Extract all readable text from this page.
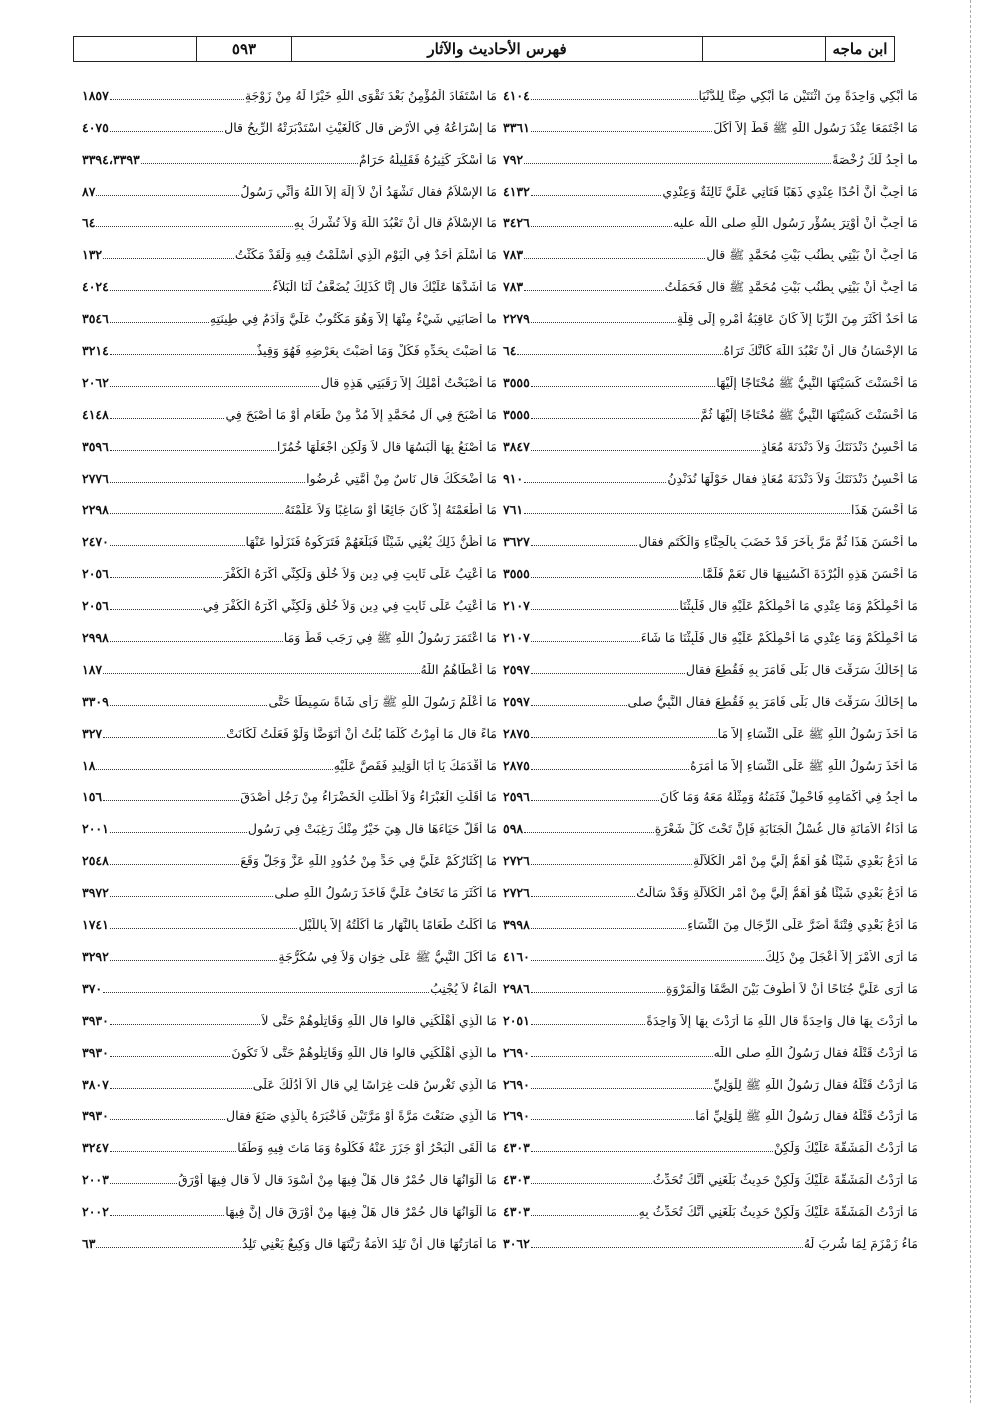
ابن ماجه
فهرس الأحاديث والآثار
٥٩٣
مَا أَبْكِي وَاحِدَةً مِنَ اثْنَتَيْنِ مَا أَبْكِي ضِنًّا لِلدُّنْيَا
٤١٠٤
مَا اجْتَمَعَا عِنْدَ رَسُولِ اللّٰهِ ﷺ قَطُّ إِلاَّ أَكَلَ
٣٣٦١
ما أَجِدُ لَكَ رُخْصَةً
٧٩٢
مَا أُحِبُّ أَنَّ أُحُدًا عِنْدِي ذَهَبًا فَتَأْتِي عَلَيَّ ثَالِثَةٌ وَعِنْدِي
٤١٣٢
مَا أُحِبُّ أَنْ أَوْتِرَ بِسُؤْرِ رَسُولِ اللّٰهِ صلى اللّٰه عليه
٣٤٢٦
مَا أُحِبُّ أَنْ بَيْتِي بِطُنُبٍ بَيْتِ مُحَمَّدٍ ﷺ قال
٧٨٣
مَا أُحِبُّ أَنْ بَيْتِي بِطُنُبٍ بَيْتِ مُحَمَّدٍ ﷺ قال فَحَمَلْتُ
٧٨٣
مَا أَحَدٌ أَكْثَرَ مِنَ الرِّبَا إِلاَّ كَانَ عَاقِبَةُ أَمْرِهِ إِلَى قِلَّةٍ
٢٢٧٩
مَا الإِحْسَانُ قال أَنْ تَعْبُدَ اللّٰهَ كَأَنَّكَ تَرَاهُ
٦٤
مَا أَحْسَنْتَ كَسَيْتَهَا النَّبِيُّ ﷺ مُحْتَاجًا إِلَيْهَا
٣٥٥٥
مَا أَحْسَنْتَ كَسَيْتَهَا النَّبِيُّ ﷺ مُحْتَاجًا إِلَيْهَا ثُمَّ
٣٥٥٥
مَا أُحْسِنُ دَنْدَنَتَكَ وَلاَ دَنْدَنَةَ مُعَاذٍ
٣٨٤٧
مَا أُحْسِنُ دَنْدَنَتَكَ وَلاَ دَنْدَنَةَ مُعَاذٍ فقال حَوْلَهَا نُدَنْدِنُ
٩١٠
مَا أَحْسَنَ هَذَا
٧٦١
ما أَحْسَنَ هَذَا ثُمَّ مَرَّ بِآخَرَ قَدْ خَضَبَ بِالْحِنَّاءِ وَالْكَتَمِ فقال
٣٦٢٧
مَا أَحْسَنَ هَذِهِ الْبُرْدَةَ اكْسُنِيهَا قال نَعَمْ فَلَمَّا
٣٥٥٥
مَا أَحْمِلُكُمْ وَمَا عِنْدِي مَا أَحْمِلُكُمْ عَلَيْهِ قال فَلَبِثْنَا
٢١٠٧
مَا أَحْمِلُكُمْ وَمَا عِنْدِي مَا أَحْمِلُكُمْ عَلَيْهِ قال فَلَبِثْنَا مَا شَاءَ
٢١٠٧
مَا إِخَالُكَ سَرَقْتَ قال بَلَى فَأَمَرَ بِهِ فَقُطِعَ فقال
٢٥٩٧
ما إِخَالُكَ سَرَقْتَ قال بَلَى فَأَمَرَ بِهِ فَقُطِعَ فقال النَّبِيُّ صلى
٢٥٩٧
مَا أَخَذَ رَسُولُ اللّٰهِ ﷺ عَلَى النِّسَاءِ إِلاَّ مَا
٢٨٧٥
مَا أَخَذَ رَسُولُ اللّٰهِ ﷺ عَلَى النِّسَاءِ إِلاَّ مَا أَمَرَهُ
٢٨٧٥
ما أَجِدُ فِي أَكْمَامِهِ فَاحْمِلْ فَثَمَنُهُ وَمِثْلُهُ مَعَهُ وَمَا كَانَ
٢٥٩٦
مَا أَدَاءُ الأَمَانَةِ قال غُسْلُ الْجَنَابَةِ فَإِنَّ تَحْتَ كُلِّ شَعْرَةٍ
٥٩٨
مَا أَدَعُ بَعْدِي شَيْئًا هُوَ أَهَمُّ إِلَيَّ مِنْ أَمْرِ الْكَلاَلَةِ
٢٧٢٦
مَا أَدَعُ بَعْدِي شَيْئًا هُوَ أَهَمُّ إِلَيَّ مِنْ أَمْرِ الْكَلاَلَةِ وَقَدْ سَأَلْتُ
٢٧٢٦
مَا أَدَعُ بَعْدِي فِتْنَةً أَضَرَّ عَلَى الرِّجَالِ مِنَ النِّسَاءِ
٣٩٩٨
مَا أَرَى الأَمْرَ إِلاَّ أَعْجَلَ مِنْ ذَلِكَ
٤١٦٠
مَا أَرَى عَلَيَّ جُنَاحًا أَنْ لاَ أَطُوفَ بَيْنَ الصَّفَا وَالْمَرْوَةِ
٢٩٨٦
ما أَرَدْتَ بِهَا قال وَاحِدَةً قال اللّٰهِ مَا أَرَدْتَ بِهَا إِلاَّ وَاحِدَةً
٢٠٥١
مَا أَرَدْتُ قَتْلَهُ فقال رَسُولُ اللّٰهِ صلى اللّٰه
٢٦٩٠
مَا أَرَدْتُ قَتْلَهُ فقال رَسُولُ اللّٰهِ ﷺ لِلْوَلِيِّ
٢٦٩٠
مَا أَرَدْتُ قَتْلَهُ فقال رَسُولُ اللّٰهِ ﷺ لِلْوَلِيِّ أَمَا
٢٦٩٠
مَا أَرَدْتُ الْمَشَقَّةَ عَلَيْكَ وَلَكِنْ
٤٣٠٣
مَا أَرَدْتُ الْمَشَقَّةَ عَلَيْكَ وَلَكِنْ حَدِيثٌ بَلَغَنِي أَنَّكَ تُحَدِّثُ
٤٣٠٣
مَا أَرَدْتُ الْمَشَقَّةَ عَلَيْكَ وَلَكِنْ حَدِيثٌ بَلَغَنِي أَنَّكَ تُحَدِّثُ بِهِ
٤٣٠٣
مَاءُ زَمْزَمَ لِمَا شُرِبَ لَهُ
٣٠٦٢
مَا اسْتَفَادَ الْمُؤْمِنُ بَعْدَ تَقْوَى اللّٰهِ خَيْرًا لَهُ مِنْ زَوْجَةٍ
١٨٥٧
مَا إِسْرَاعُهُ فِي الأَرْضِ قال كَالْغَيْثِ اسْتَدْبَرَتْهُ الرِّيحُ قال
٤٠٧٥
مَا أَسْكَرَ كَثِيرُهُ فَقَلِيلُهُ حَرَامٌ
٣٣٩٤،٣٣٩٣
مَا الإِسْلاَمُ فقال تَشْهَدُ أَنْ لاَ إِلَهَ إِلاَّ اللّٰهُ وَأَنِّي رَسُولُ
٨٧
مَا الإِسْلاَمُ قال أَنْ تَعْبُدَ اللّٰهَ وَلاَ تُشْرِكَ بِهِ
٦٤
مَا أَسْلَمَ أَحَدٌ فِي الْيَوْمِ الَّذِي أَسْلَمْتُ فِيهِ وَلَقَدْ مَكَثْتُ
١٣٢
مَا أَشَدَّهَا عَلَيْكَ قال إِنَّا كَذَلِكَ يُضَعَّفُ لَنَا الْبَلاَءُ
٤٠٢٤
ما أَصَابَنِي شَيْءٌ مِنْهَا إِلاَّ وَهُوَ مَكْتُوبٌ عَلَيَّ وَآدَمُ فِي طِينَتِهِ
٣٥٤٦
مَا أَصَبْتَ بِحَدِّهِ فَكُلْ وَمَا أَصَبْتَ بِعَرْضِهِ فَهُوَ وَقِيذٌ
٣٢١٤
مَا أَصْبَحْتُ أَمْلِكُ إِلاَّ رَقَبَتِي هَذِهِ قال
٢٠٦٢
مَا أَصْبَحَ فِي آلِ مُحَمَّدٍ إِلاَّ مُدٌّ مِنْ طَعَامٍ أَوْ مَا أَصْبَحَ فِي
٤١٤٨
مَا أَصْنَعُ بِهَا أَلْبَسُهَا قال لاَ وَلَكِنِ اجْعَلْهَا خُمُرًا
٣٥٩٦
مَا أَضْحَكَكَ قال نَاسٌ مِنْ أُمَّتِي عُرِضُوا
٢٧٧٦
مَا أَطْعَمْتَهُ إِذْ كَانَ جَائِعًا أَوْ سَاغِبًا وَلاَ عَلَّمْتَهُ
٢٢٩٨
مَا أَظُنُّ ذَلِكَ يُغْنِي شَيْئًا فَبَلَغَهُمْ فَتَرَكُوهُ فَنَزَلُوا عَنْهَا
٢٤٧٠
مَا أَعْتِبُ عَلَى ثَابِتٍ فِي دِينٍ وَلاَ خُلُقٍ وَلَكِنِّي أَكْرَهُ الْكُفْرَ
٢٠٥٦
مَا أَعْتِبُ عَلَى ثَابِتٍ فِي دِينٍ وَلاَ خُلُقٍ وَلَكِنِّي أَكْرَهُ الْكُفْرَ فِي
٢٠٥٦
مَا اعْتَمَرَ رَسُولُ اللّٰهِ ﷺ فِي رَجَبٍ قَطُّ وَمَا
٢٩٩٨
مَا أَعْطَاهُمُ اللّٰهُ
١٨٧
مَا أَعْلَمُ رَسُولَ اللّٰهِ ﷺ رَأَى شَاةً سَمِيطًا حَتَّى
٣٣٠٩
مَاءً قال مَا أُمِرْتُ كُلَّمَا بُلْتُ أَنْ أَتَوَضَّأَ وَلَوْ فَعَلْتُ لَكَانَتْ
٣٢٧
مَا أَقْدَمَكَ يَا أَبَا الْوَلِيدِ فَقَصَّ عَلَيْهِ
١٨
مَا أَقَلَّتِ الْغَبْرَاءُ وَلاَ أَظَلَّتِ الْخَضْرَاءُ مِنْ رَجُلٍ أَصْدَقَ
١٥٦
مَا أَقَلَّ حَيَاءَهَا قال هِيَ خَيْرٌ مِنْكَ رَغِبَتْ فِي رَسُولِ
٢٠٠١
مَا إِكْثَارُكُمْ عَلَيَّ فِي حَدٍّ مِنْ حُدُودِ اللّٰهِ عَزَّ وَجَلَّ وَقَعَ
٢٥٤٨
مَا أَكْثَرَ مَا تَخَافُ عَلَيَّ فَأَخَذَ رَسُولُ اللّٰهِ صلى
٣٩٧٢
مَا أَكَلْتُ طَعَامًا بِالنَّهَارِ مَا أَكَلْتُهُ إِلاَّ بِاللَّيْلِ
١٧٤١
مَا أَكَلَ النَّبِيُّ ﷺ عَلَى خِوَانٍ وَلاَ فِي سُكُرُّجَةٍ
٣٢٩٢
الْمَاءُ لاَ يُجْنِبُ
٣٧٠
مَا الَّذِي أَهْلَكَنِي قالوا قال اللّٰهِ وَقَاتِلُوهُمْ حَتَّى لاَ
٣٩٣٠
ما الَّذِي أَهْلَكَنِي قالوا قال اللّٰهِ وَقَاتِلُوهُمْ حَتَّى لاَ تَكُونَ
٣٩٣٠
مَا الَّذِي تَغْرِسُ قلت غِرَاسًا لِي قال أَلاَ أَدُلُّكَ عَلَى
٣٨٠٧
مَا الَّذِي صَنَعْتَ مَرَّةً أَوْ مَرَّتَيْنِ فَأَخْبَرَهُ بِالَّذِي صَنَعَ فقال
٣٩٣٠
مَا أَلْقَى الْبَحْرُ أَوْ جَزَرَ عَنْهُ فَكُلُوهُ وَمَا مَاتَ فِيهِ وَطَفَا
٣٢٤٧
مَا أَلْوَانُهَا قال حُمْرٌ قال هَلْ فِيهَا مِنْ أَسْوَدَ قال لاَ قال فِيهَا أَوْرَقُ
٢٠٠٣
مَا أَلْوَانُهَا قال حُمْرٌ قال هَلْ فِيهَا مِنْ أَوْرَقَ قال إِنَّ فِيهَا
٢٠٠٢
مَا أَمَارَتُهَا قال أَنْ تَلِدَ الأَمَةُ رَبَّتَهَا قال وَكِيعٌ يَعْنِي تَلِدُ
٦٣
